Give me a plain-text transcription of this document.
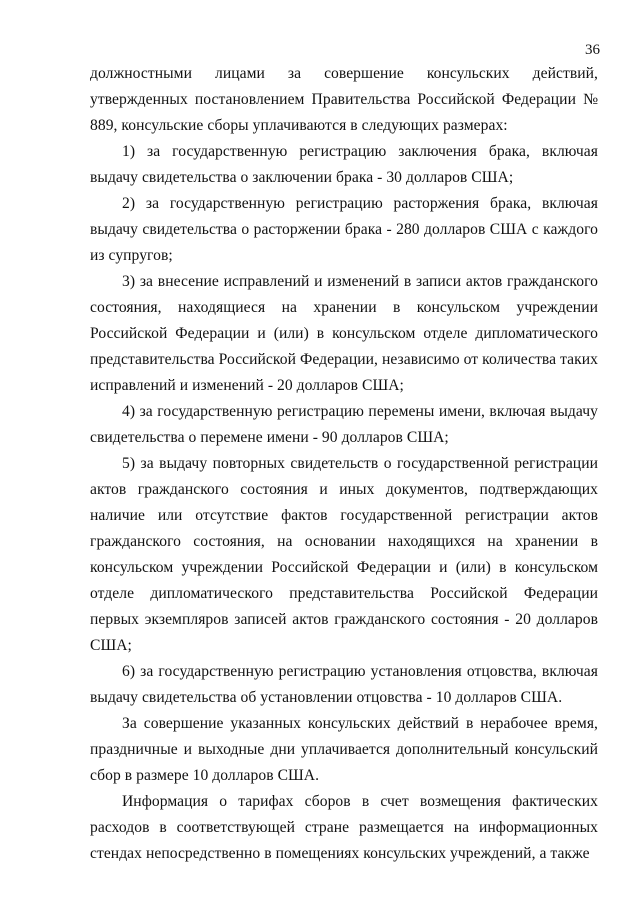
36

должностными лицами за совершение консульских действий, утвержденных постановлением Правительства Российской Федерации № 889, консульские сборы уплачиваются в следующих размерах:

1) за государственную регистрацию заключения брака, включая выдачу свидетельства о заключении брака - 30 долларов США;

2) за государственную регистрацию расторжения брака, включая выдачу свидетельства о расторжении брака - 280 долларов США с каждого из супругов;

3) за внесение исправлений и изменений в записи актов гражданского состояния, находящиеся на хранении в консульском учреждении Российской Федерации и (или) в консульском отделе дипломатического представительства Российской Федерации, независимо от количества таких исправлений и изменений - 20 долларов США;

4) за государственную регистрацию перемены имени, включая выдачу свидетельства о перемене имени - 90 долларов США;

5) за выдачу повторных свидетельств о государственной регистрации актов гражданского состояния и иных документов, подтверждающих наличие или отсутствие фактов государственной регистрации актов гражданского состояния, на основании находящихся на хранении в консульском учреждении Российской Федерации и (или) в консульском отделе дипломатического представительства Российской Федерации первых экземпляров записей актов гражданского состояния - 20 долларов США;

6) за государственную регистрацию установления отцовства, включая выдачу свидетельства об установлении отцовства - 10 долларов США.

За совершение указанных консульских действий в нерабочее время, праздничные и выходные дни уплачивается дополнительный консульский сбор в размере 10 долларов США.

Информация о тарифах сборов в счет возмещения фактических расходов в соответствующей стране размещается на информационных стендах непосредственно в помещениях консульских учреждений, а также
